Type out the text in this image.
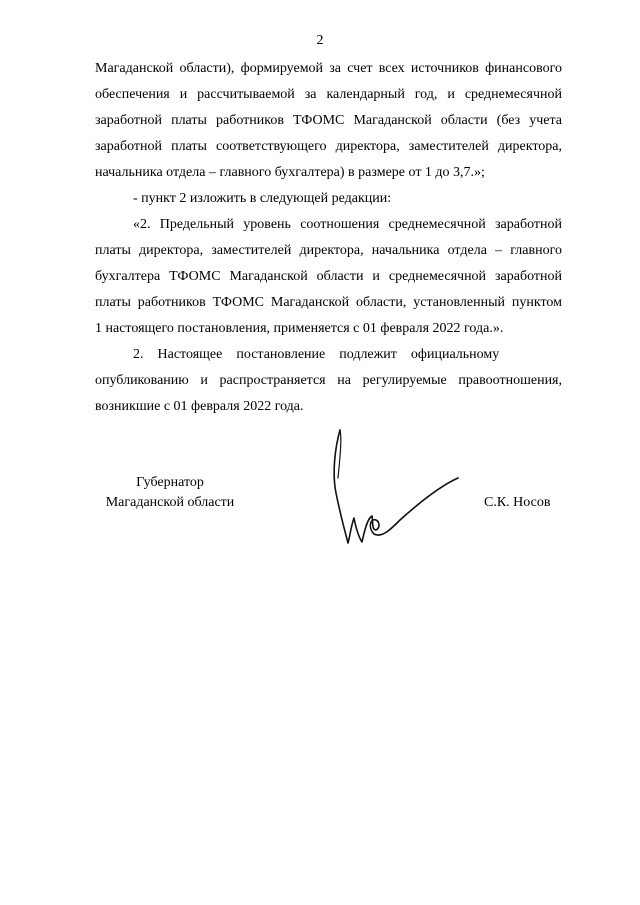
2
Магаданской области), формируемой за счет всех источников финансового
обеспечения и рассчитываемой за календарный год, и среднемесячной
заработной платы работников ТФОМС Магаданской области (без учета
заработной платы соответствующего директора, заместителей директора,
начальника отдела – главного бухгалтера) в размере от 1 до 3,7.»;
- пункт 2 изложить в следующей редакции:
«2. Предельный уровень соотношения среднемесячной заработной
платы директора, заместителей директора, начальника отдела – главного
бухгалтера ТФОМС Магаданской области и среднемесячной заработной
платы работников ТФОМС Магаданской области, установленный пунктом
1 настоящего постановления, применяется с 01 февраля 2022 года.».
2.    Настоящее    постановление    подлежит    официальному
опубликованию и распространяется на регулируемые правоотношения,
возникшие с 01 февраля 2022 года.
Губернатор
Магаданской области	С.К. Носов
